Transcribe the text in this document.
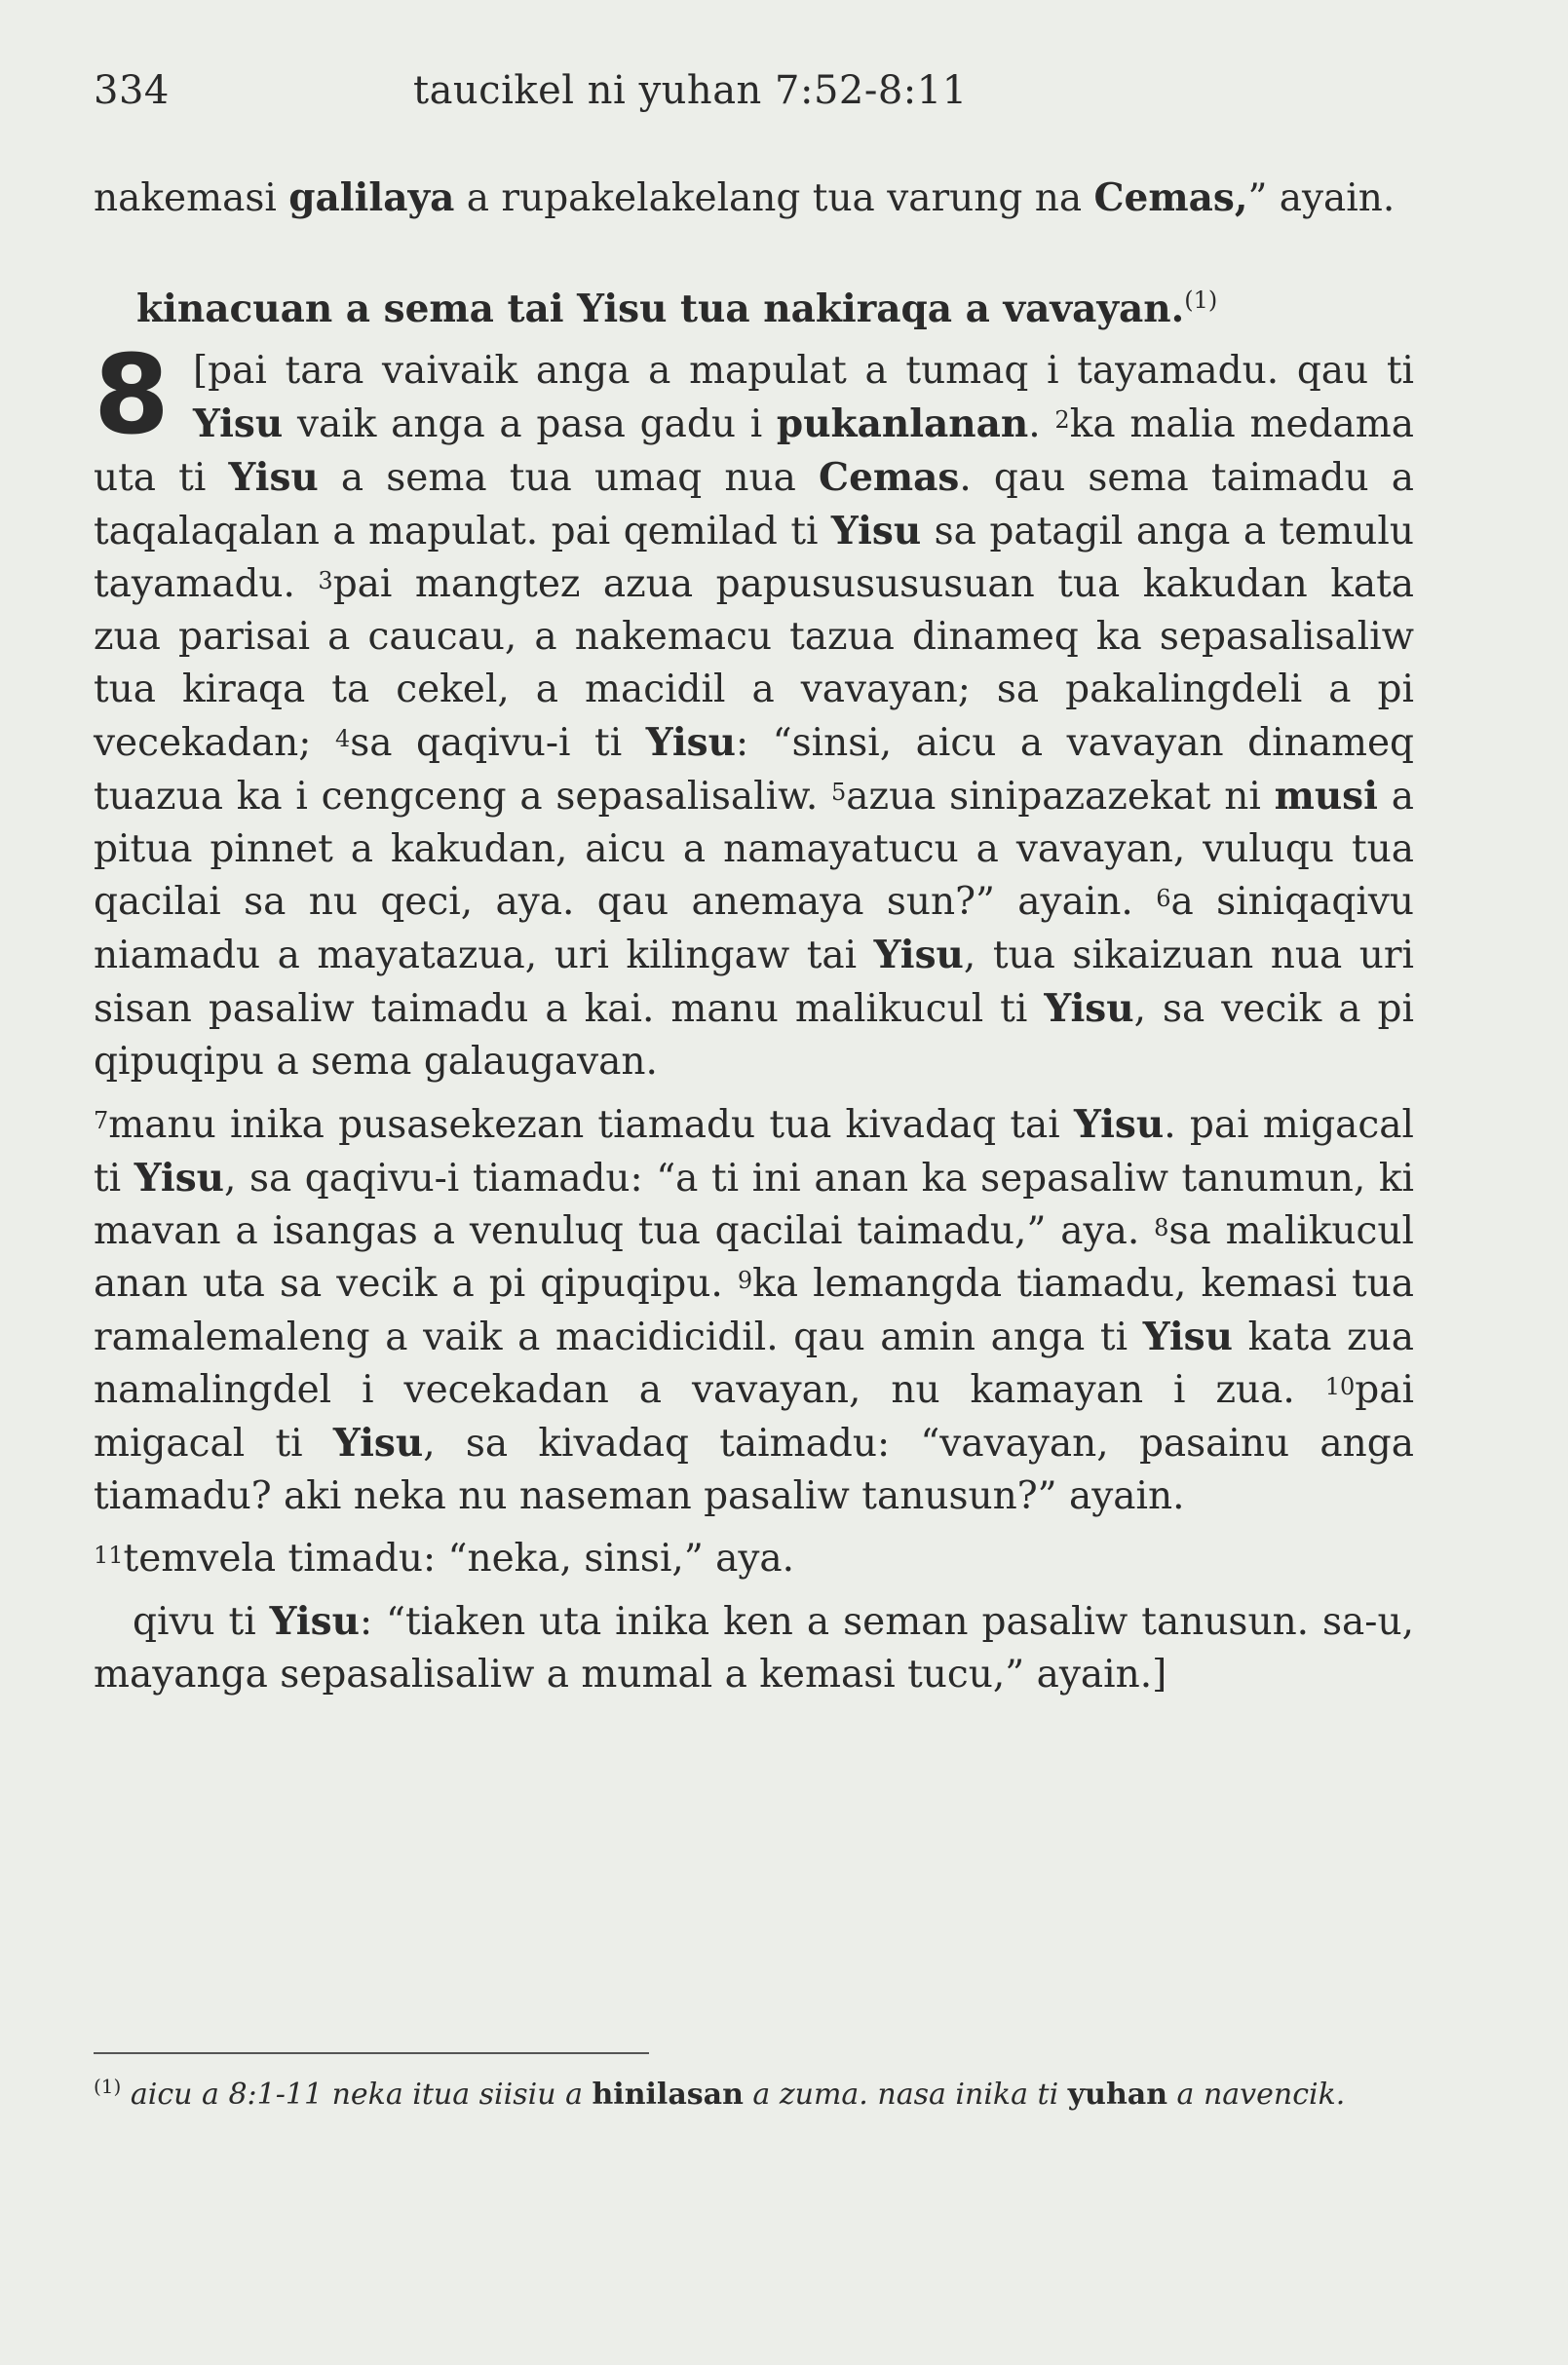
334	taucikel ni yuhan 7:52-8:11

nakemasi galilaya a rupakelakelang tua varung na Cemas,” ayain.

kinacuan a sema tai Yisu tua nakiraqa a vavayan.$^{(1)}$

8 [pai tara vaivaik anga a mapulat a tumaq i tayamadu. qau ti Yisu vaik anga a pasa gadu i pukanlanan. $^2$ka malia medama uta ti Yisu a sema tua umaq nua Cemas. qau sema taimadu a taqalaqalan a mapulat. pai qemilad ti Yisu sa patagil anga a temulu tayamadu. $^3$pai mangtez azua papususususuan tua kakudan kata zua parisai a caucau, a nakemacu tazua dinameq ka sepasalisaliw tua kiraqa ta cekel, a macidil a vavayan; sa pakalingdeli a pi vecekadan; $^4$sa qaqivu-i ti Yisu: “sinsi, aicu a vavayan dinameq tuazua ka i cengceng a sepasalisaliw. $^5$azua sinipazazekat ni musi a pitua pinnet a kakudan, aicu a namayatucu a vavayan, vuluqu tua qacilai sa nu qeci, aya. qau anemaya sun?” ayain. $^6$a siniqaqivu niamadu a mayatazua, uri kilingaw tai Yisu, tua sikaizuan nua uri sisan pasaliw taimadu a kai. manu malikucul ti Yisu, sa vecik a pi qipuqipu a sema galaugavan.

$^7$manu inika pusasekezan tiamadu tua kivadaq tai Yisu. pai migacal ti Yisu, sa qaqivu-i tiamadu: “a ti ini anan ka sepasaliw tanumun, ki mavan a isangas a venuluq tua qacilai taimadu,” aya. $^8$sa malikucul anan uta sa vecik a pi qipuqipu. $^9$ka lemangda tiamadu, kemasi tua ramalemaleng a vaik a macidicidil. qau amin anga ti Yisu kata zua namalingdel i vecekadan a vavayan, nu kamayan i zua. $^{10}$pai migacal ti Yisu, sa kivadaq taimadu: “vavayan, pasainu anga tiamadu? aki neka nu naseman pasaliw tanusun?” ayain.

$^{11}$temvela timadu: “neka, sinsi,” aya.

qivu ti Yisu: “tiaken uta inika ken a seman pasaliw tanusun. sa-u, mayanga sepasalisaliw a mumal a kemasi tucu,” ayain.]

$^{(1)}$ aicu a 8:1-11 neka itua siisiu a hinilasan a zuma. nasa inika ti yuhan a navencik.
